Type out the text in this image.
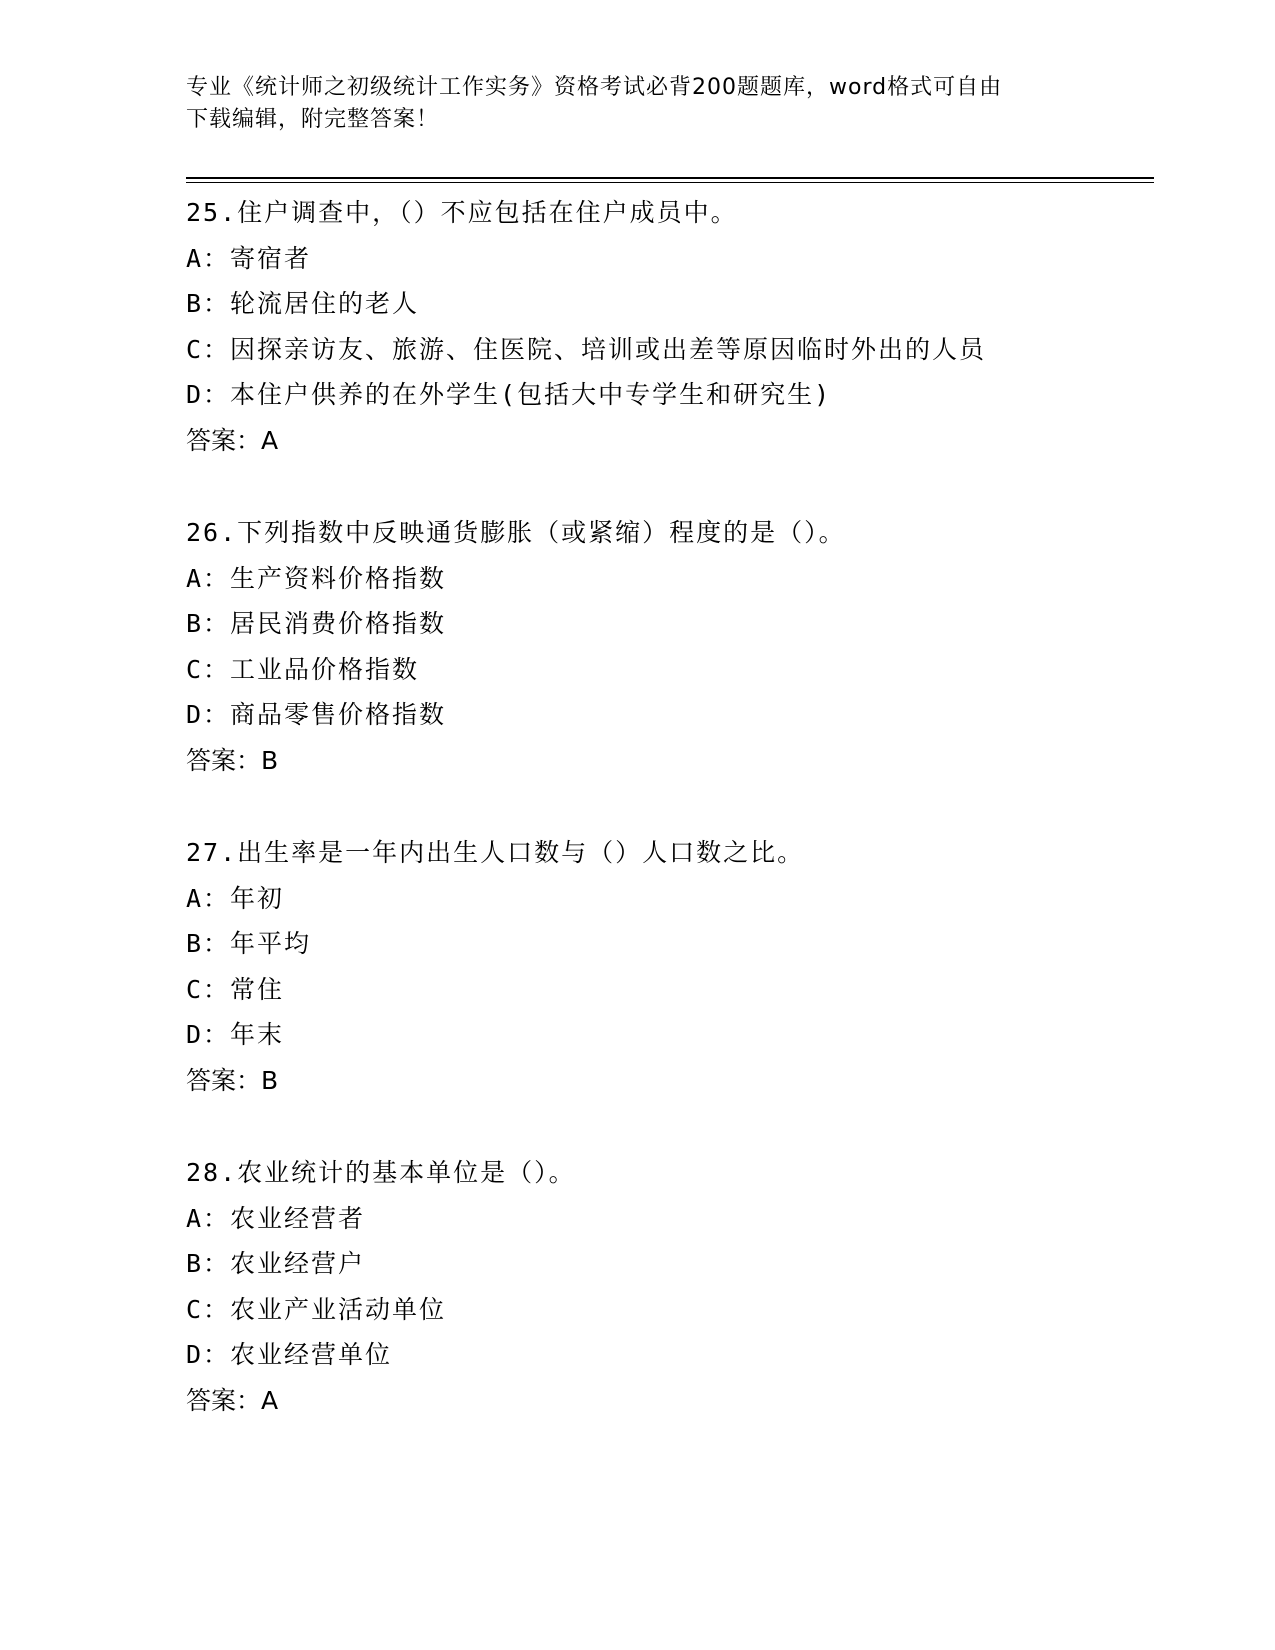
专业《统计师之初级统计工作实务》资格考试必背200题题库，word格式可自由
下载编辑，附完整答案！
25.住户调查中，（）不应包括在住户成员中。
A：寄宿者
B：轮流居住的老人
C：因探亲访友、旅游、住医院、培训或出差等原因临时外出的人员
D：本住户供养的在外学生(包括大中专学生和研究生)
答案：A
26.下列指数中反映通货膨胀（或紧缩）程度的是（）。
A：生产资料价格指数
B：居民消费价格指数
C：工业品价格指数
D：商品零售价格指数
答案：B
27.出生率是一年内出生人口数与（）人口数之比。
A：年初
B：年平均
C：常住
D：年末
答案：B
28.农业统计的基本单位是（）。
A：农业经营者
B：农业经营户
C：农业产业活动单位
D：农业经营单位
答案：A
